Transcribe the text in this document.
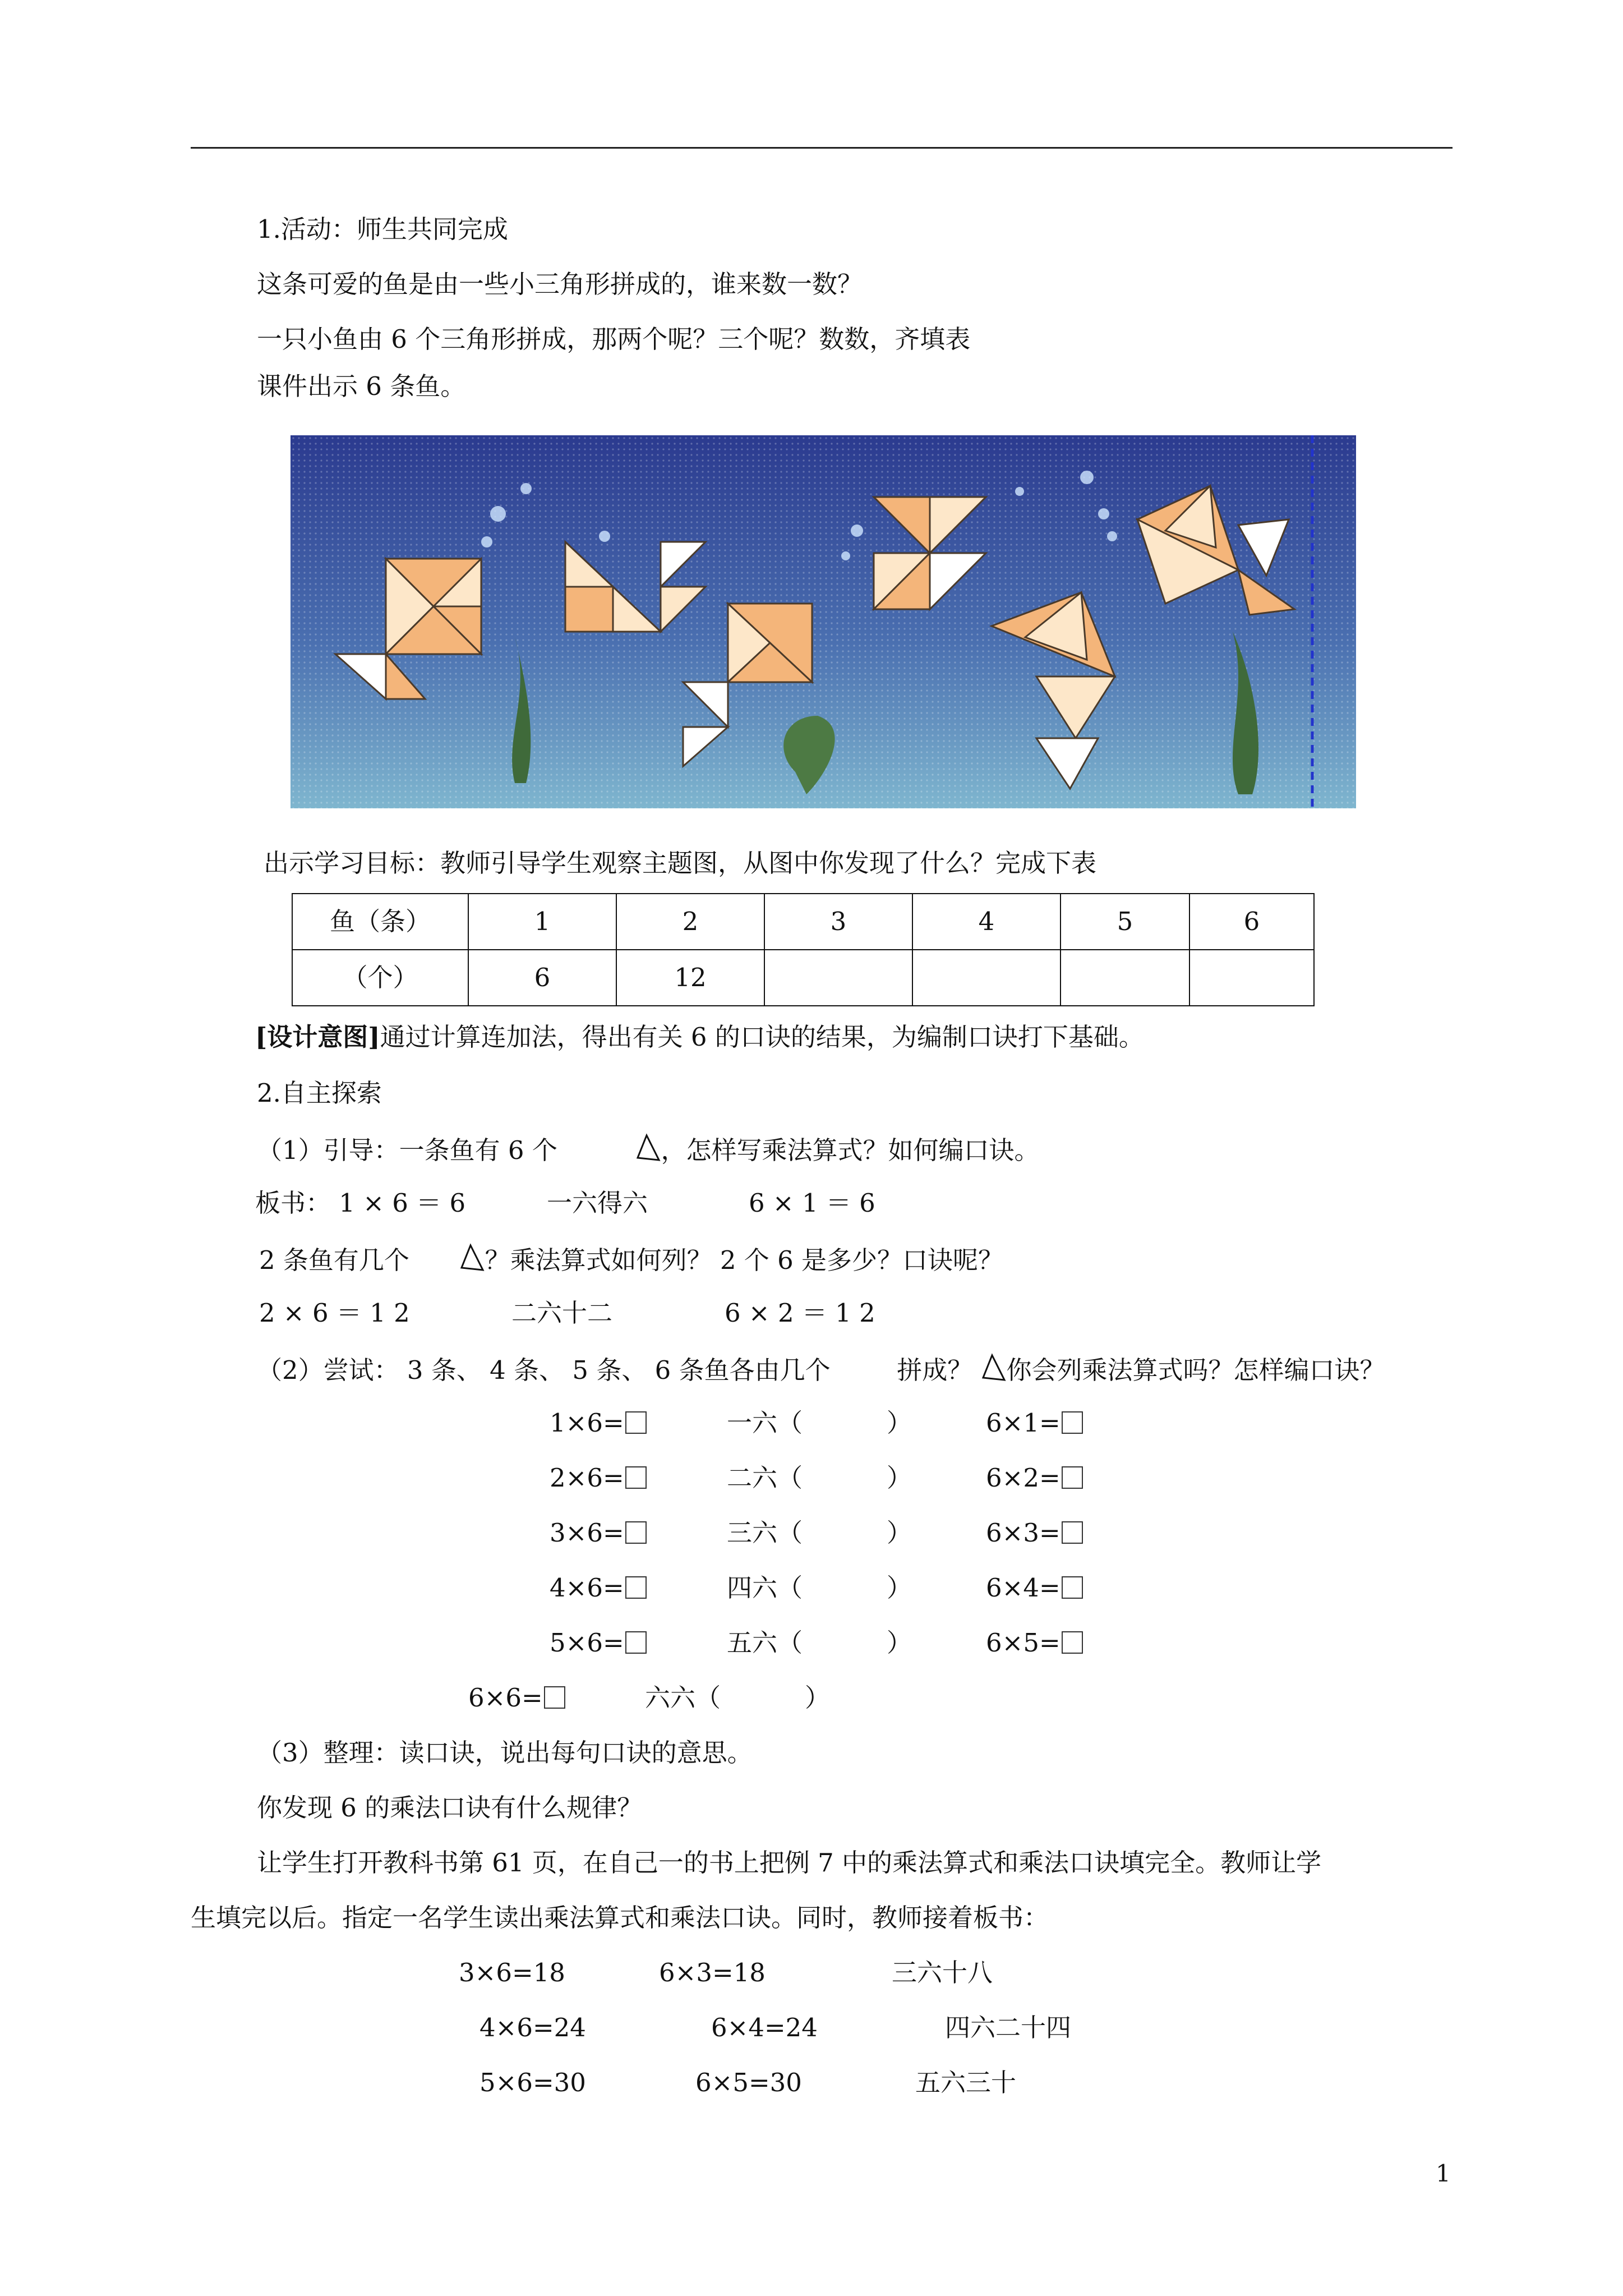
1.活动：师生共同完成
这条可爱的鱼是由一些小三角形拼成的，谁来数一数？
一只小鱼由 6 个三角形拼成，那两个呢？三个呢？数数，齐填表
课件出示 6 条鱼。
出示学习目标：教师引导学生观察主题图，从图中你发现了什么？完成下表
鱼（条）	1	2	3	4	5	6
（个）	6	12				
[设计意图]通过计算连加法，得出有关 6 的口诀的结果，为编制口诀打下基础。
2.自主探索
（1）引导：一条鱼有 6 个	，怎样写乘法算式？如何编口诀。
板书： 1 × 6 ＝ 6	一六得六	6 × 1 ＝ 6
2 条鱼有几个	？乘法算式如何列？ 2 个 6 是多少？口诀呢？
2 × 6 ＝ 1 2	二六十二	6 × 2 ＝ 1 2
（2）尝试： 3 条、 4 条、 5 条、 6 条鱼各由几个	拼成？ 你会列乘法算式吗？怎样编口诀？
1×6=	一六（	）	6×1=
2×6=	二六（	）	6×2=
3×6=	三六（	）	6×3=
4×6=	四六（	）	6×4=
5×6=	五六（	）	6×5=
6×6=	六六（	）
（3）整理：读口诀，说出每句口诀的意思。
你发现 6 的乘法口诀有什么规律？
让学生打开教科书第 61 页，在自己一的书上把例 7 中的乘法算式和乘法口诀填完全。教师让学
生填完以后。指定一名学生读出乘法算式和乘法口诀。同时，教师接着板书：
3×6=18	6×3=18	三六十八
4×6=24	6×4=24	四六二十四
5×6=30	6×5=30	五六三十
1
